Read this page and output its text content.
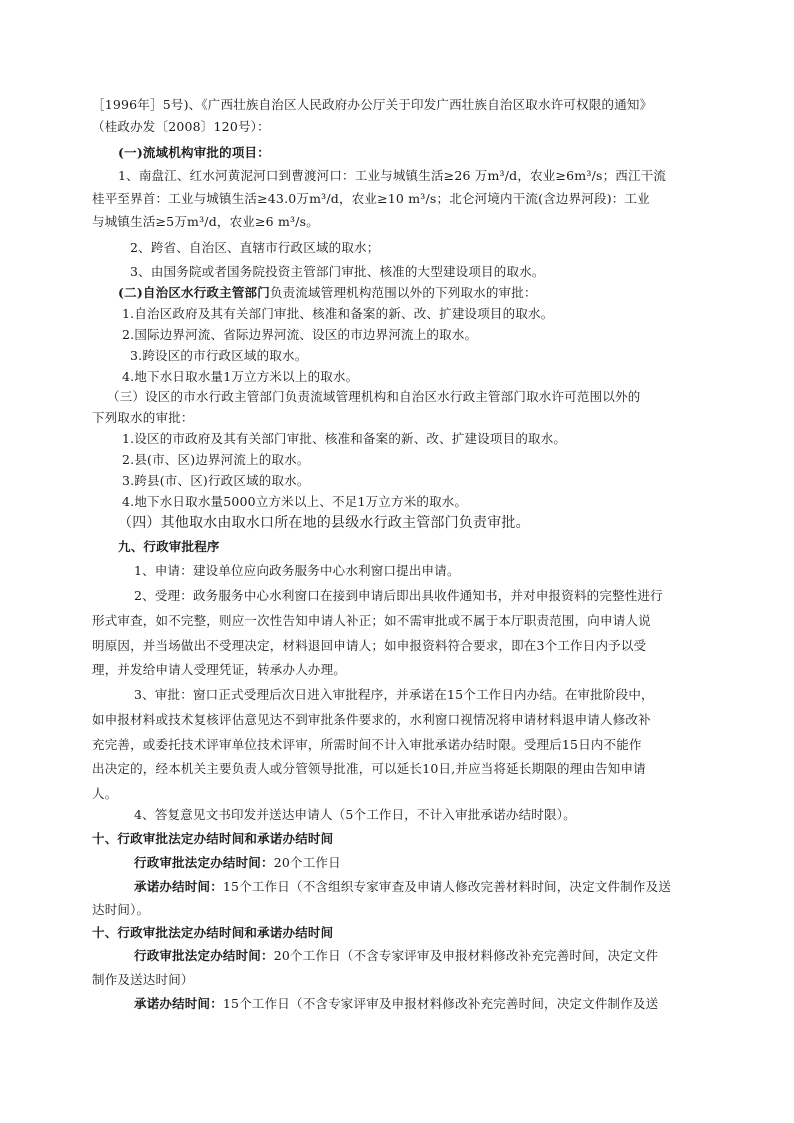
［1996年］5号)、《广西壮族自治区人民政府办公厅关于印发广西壮族自治区取水许可权限的通知》
（桂政办发〔2008〕120号）：
(一)流域机构审批的项目：
1、南盘江、红水河黄泥河口到曹渡河口：工业与城镇生活≥26 万m³/d，农业≥6m³/s；西江干流
桂平至界首：工业与城镇生活≥43.0万m³/d，农业≥10 m³/s；北仑河境内干流(含边界河段)：工业
与城镇生活≥5万m³/d，农业≥6 m³/s。
2、跨省、自治区、直辖市行政区域的取水；
3、由国务院或者国务院投资主管部门审批、核准的大型建设项目的取水。
(二)自治区水行政主管部门负责流域管理机构范围以外的下列取水的审批：
1.自治区政府及其有关部门审批、核准和备案的新、改、扩建设项目的取水。
2.国际边界河流、省际边界河流、设区的市边界河流上的取水。
3.跨设区的市行政区域的取水。
4.地下水日取水量1万立方米以上的取水。
（三）设区的市水行政主管部门负责流域管理机构和自治区水行政主管部门取水许可范围以外的
下列取水的审批：
1.设区的市政府及其有关部门审批、核准和备案的新、改、扩建设项目的取水。
2.县(市、区)边界河流上的取水。
3.跨县(市、区)行政区域的取水。
4.地下水日取水量5000立方米以上、不足1万立方米的取水。
（四）其他取水由取水口所在地的县级水行政主管部门负责审批。
九、行政审批程序
1、申请：建设单位应向政务服务中心水利窗口提出申请。
2、受理：政务服务中心水利窗口在接到申请后即出具收件通知书，并对申报资料的完整性进行
形式审查，如不完整，则应一次性告知申请人补正；如不需审批或不属于本厅职责范围，向申请人说
明原因，并当场做出不受理决定，材料退回申请人；如申报资料符合要求，即在3个工作日内予以受
理，并发给申请人受理凭证，转承办人办理。
3、审批：窗口正式受理后次日进入审批程序，并承诺在15个工作日内办结。在审批阶段中，
如申报材料或技术复核评估意见达不到审批条件要求的，水利窗口视情况将申请材料退申请人修改补
充完善，或委托技术评审单位技术评审，所需时间不计入审批承诺办结时限。受理后15日内不能作
出决定的，经本机关主要负责人或分管领导批准，可以延长10日,并应当将延长期限的理由告知申请
人。
4、答复意见文书印发并送达申请人（5个工作日，不计入审批承诺办结时限）。
十、行政审批法定办结时间和承诺办结时间
行政审批法定办结时间：20个工作日
承诺办结时间：15个工作日（不含组织专家审查及申请人修改完善材料时间，决定文件制作及送
达时间）。
十、行政审批法定办结时间和承诺办结时间
行政审批法定办结时间：20个工作日（不含专家评审及申报材料修改补充完善时间，决定文件
制作及送达时间）
承诺办结时间：15个工作日（不含专家评审及申报材料修改补充完善时间，决定文件制作及送
